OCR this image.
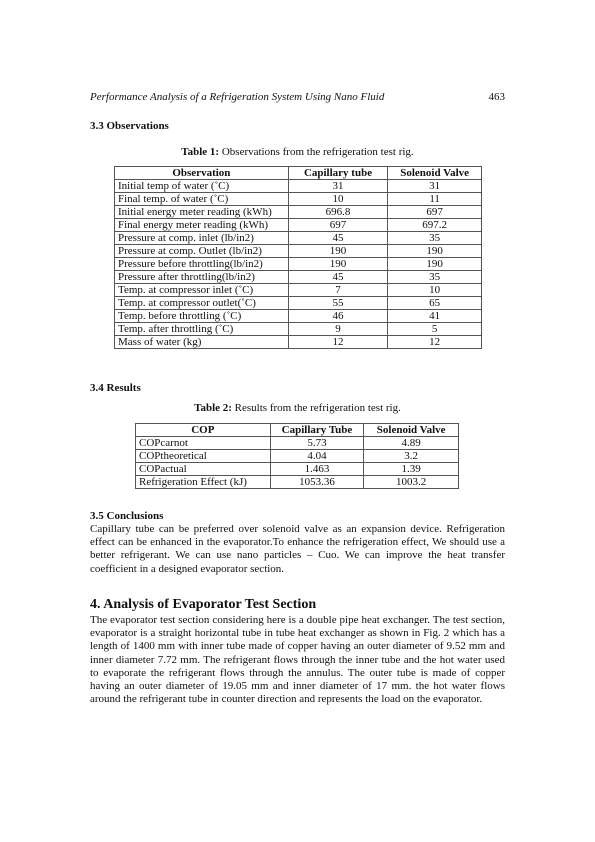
Performance Analysis of a Refrigeration System Using Nano Fluid	463
3.3 Observations
Table 1: Observations from the refrigeration test rig.
Observation	Capillary tube	Solenoid Valve
Initial temp of water (˚C)	31	31
Final temp. of water (˚C)	10	11
Initial energy meter reading (kWh)	696.8	697
Final energy meter reading (kWh)	697	697.2
Pressure at comp. inlet (lb/in2)	45	35
Pressure at comp. Outlet (lb/in2)	190	190
Pressure before throttling(lb/in2)	190	190
Pressure after throttling(lb/in2)	45	35
Temp. at compressor inlet (˚C)	7	10
Temp. at compressor outlet(˚C)	55	65
Temp. before throttling (˚C)	46	41
Temp. after throttling (˚C)	9	5
Mass of water (kg)	12	12
3.4 Results
Table 2: Results from the refrigeration test rig.
COP	Capillary Tube	Solenoid Valve
COPcarnot	5.73	4.89
COPtheoretical	4.04	3.2
COPactual	1.463	1.39
Refrigeration Effect (kJ)	1053.36	1003.2
3.5 Conclusions

Capillary tube can be preferred over solenoid valve as an expansion device. Refrigeration effect can be enhanced in the evaporator.To enhance the refrigeration effect, We should use a better refrigerant. We can use nano particles – Cuo. We can improve the heat transfer coefficient in a designed evaporator section.

4. Analysis of Evaporator Test Section

The evaporator test section considering here is a double pipe heat exchanger. The test section, evaporator is a straight horizontal tube in tube heat exchanger as shown in Fig. 2 which has a length of 1400 mm with inner tube made of copper having an outer diameter of 9.52 mm and inner diameter 7.72 mm. The refrigerant flows through the inner tube and the hot water used to evaporate the refrigerant flows through the annulus. The outer tube is made of copper having an outer diameter of 19.05 mm and inner diameter of 17 mm. the hot water flows around the refrigerant tube in counter direction and represents the load on the evaporator.
